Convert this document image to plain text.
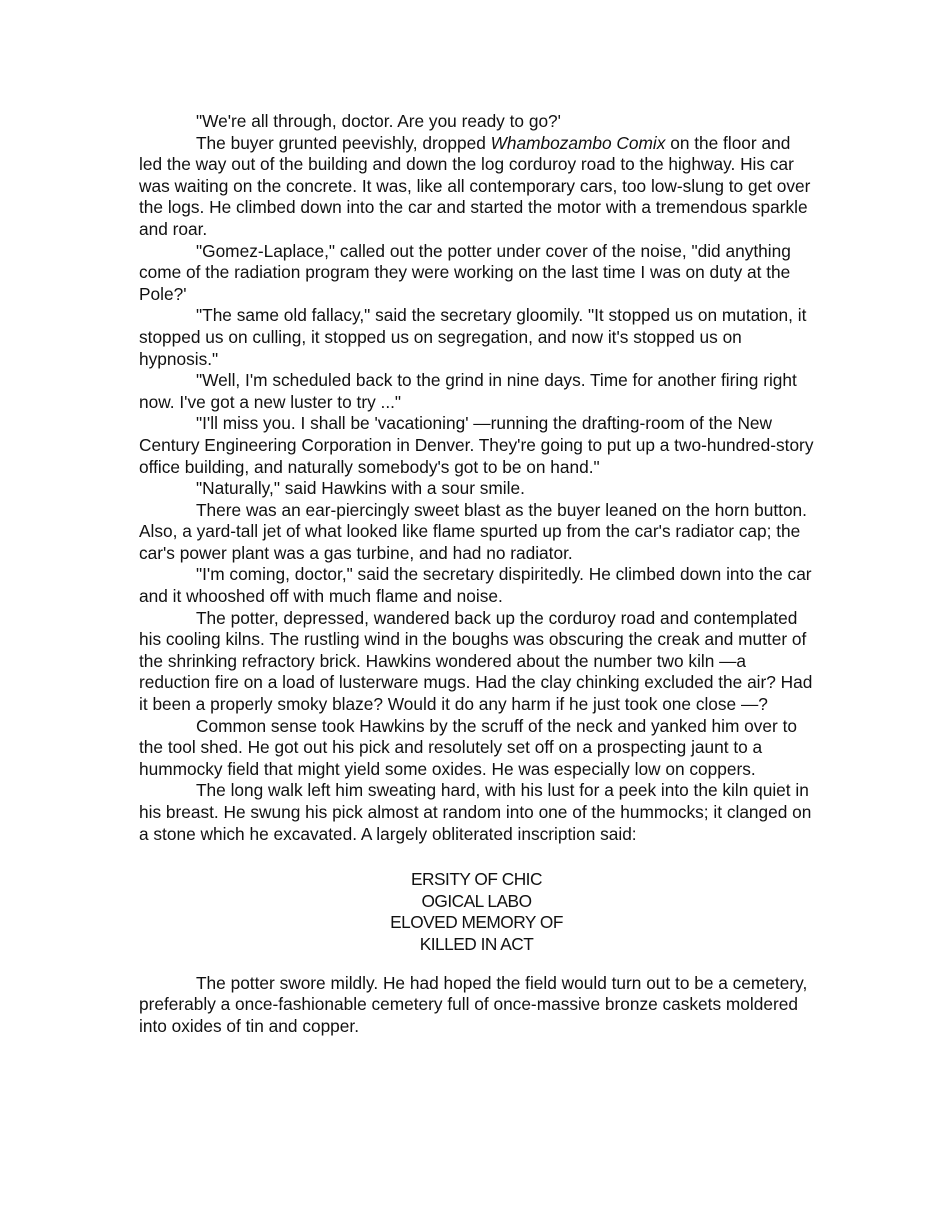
"We're all through, doctor. Are you ready to go?'

The buyer grunted peevishly, dropped Whambozambo Comix on the floor and led the way out of the building and down the log corduroy road to the highway. His car was waiting on the concrete. It was, like all contemporary cars, too low-slung to get over the logs. He climbed down into the car and started the motor with a tremendous sparkle and roar.

"Gomez-Laplace," called out the potter under cover of the noise, "did anything come of the radiation program they were working on the last time I was on duty at the Pole?'

"The same old fallacy," said the secretary gloomily. "It stopped us on mutation, it stopped us on culling, it stopped us on segregation, and now it's stopped us on hypnosis."

"Well, I'm scheduled back to the grind in nine days. Time for another firing right now. I've got a new luster to try ..."

"I'll miss you. I shall be 'vacationing' —running the drafting-room of the New Century Engineering Corporation in Denver. They're going to put up a two-hundred-story office building, and naturally somebody's got to be on hand."

"Naturally," said Hawkins with a sour smile.

There was an ear-piercingly sweet blast as the buyer leaned on the horn button. Also, a yard-tall jet of what looked like flame spurted up from the car's radiator cap; the car's power plant was a gas turbine, and had no radiator.

"I'm coming, doctor," said the secretary dispiritedly. He climbed down into the car and it whooshed off with much flame and noise.

The potter, depressed, wandered back up the corduroy road and contemplated his cooling kilns. The rustling wind in the boughs was obscuring the creak and mutter of the shrinking refractory brick. Hawkins wondered about the number two kiln —a reduction fire on a load of lusterware mugs. Had the clay chinking excluded the air? Had it been a properly smoky blaze? Would it do any harm if he just took one close —?

Common sense took Hawkins by the scruff of the neck and yanked him over to the tool shed. He got out his pick and resolutely set off on a prospecting jaunt to a hummocky field that might yield some oxides. He was especially low on coppers.

The long walk left him sweating hard, with his lust for a peek into the kiln quiet in his breast. He swung his pick almost at random into one of the hummocks; it clanged on a stone which he excavated. A largely obliterated inscription said:

ERSITY OF CHIC
OGICAL LABO
ELOVED MEMORY OF
KILLED IN ACT

The potter swore mildly. He had hoped the field would turn out to be a cemetery, preferably a once-fashionable cemetery full of once-massive bronze caskets moldered into oxides of tin and copper.
